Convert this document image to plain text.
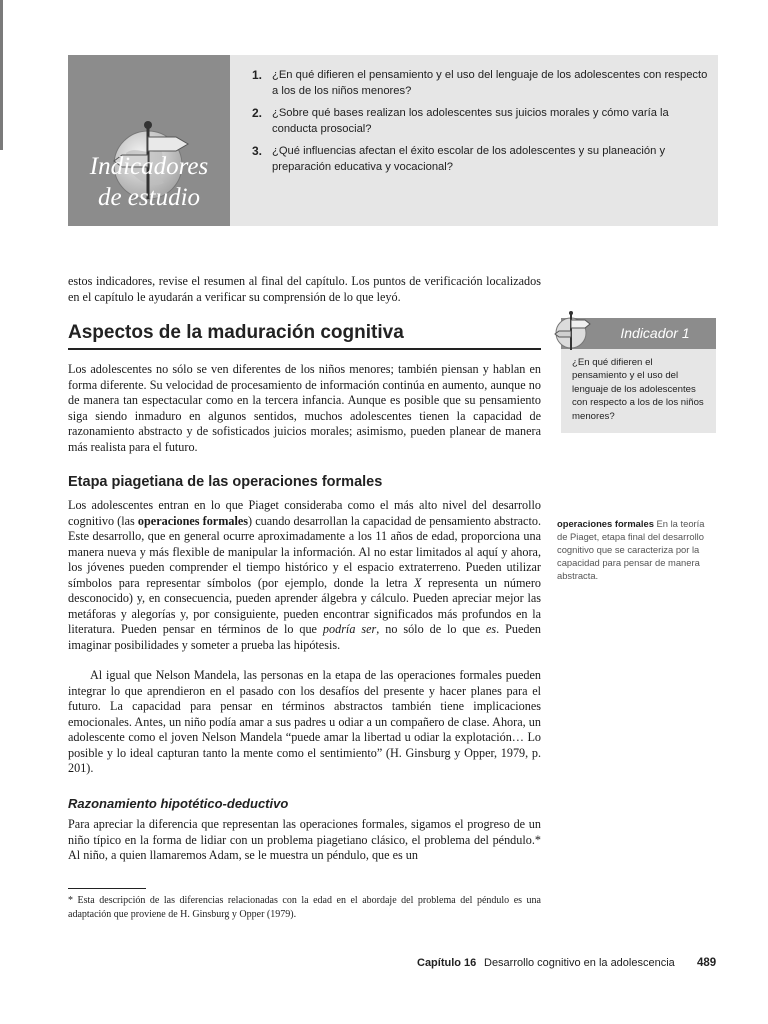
Indicadores
de estudio
1. ¿En qué difieren el pensamiento y el uso del lenguaje de los adolescentes con respecto a los de los niños menores?
2. ¿Sobre qué bases realizan los adolescentes sus juicios morales y cómo varía la conducta prosocial?
3. ¿Qué influencias afectan el éxito escolar de los adolescentes y su planeación y preparación educativa y vocacional?
estos indicadores, revise el resumen al final del capítulo. Los puntos de verificación localizados en el capítulo le ayudarán a verificar su comprensión de lo que leyó.
Aspectos de la maduración cognitiva
Los adolescentes no sólo se ven diferentes de los niños menores; también piensan y hablan en forma diferente. Su velocidad de procesamiento de información continúa en aumento, aunque no de manera tan espectacular como en la tercera infancia. Aunque es posible que su pensamiento siga siendo inmaduro en algunos sentidos, muchos adolescentes tienen la capacidad de razonamiento abstracto y de sofisticados juicios morales; asimismo, pueden planear de manera más realista para el futuro.
Etapa piagetiana de las operaciones formales
Los adolescentes entran en lo que Piaget consideraba como el más alto nivel del desarrollo cognitivo (las operaciones formales) cuando desarrollan la capacidad de pensamiento abstracto. Este desarrollo, que en general ocurre aproximadamente a los 11 años de edad, proporciona una manera nueva y más flexible de manipular la información. Al no estar limitados al aquí y ahora, los jóvenes pueden comprender el tiempo histórico y el espacio extraterreno. Pueden utilizar símbolos para representar símbolos (por ejemplo, donde la letra X representa un número desconocido) y, en consecuencia, pueden aprender álgebra y cálculo. Pueden apreciar mejor las metáforas y alegorías y, por consiguiente, pueden encontrar significados más profundos en la literatura. Pueden pensar en términos de lo que podría ser, no sólo de lo que es. Pueden imaginar posibilidades y someter a prueba las hipótesis.
Al igual que Nelson Mandela, las personas en la etapa de las operaciones formales pueden integrar lo que aprendieron en el pasado con los desafíos del presente y hacer planes para el futuro. La capacidad para pensar en términos abstractos también tiene implicaciones emocionales. Antes, un niño podía amar a sus padres u odiar a un compañero de clase. Ahora, un adolescente como el joven Nelson Mandela “puede amar la libertad u odiar la explotación… Lo posible y lo ideal capturan tanto la mente como el sentimiento” (H. Ginsburg y Opper, 1979, p. 201).
Razonamiento hipotético-deductivo
Para apreciar la diferencia que representan las operaciones formales, sigamos el progreso de un niño típico en la forma de lidiar con un problema piagetiano clásico, el problema del péndulo.* Al niño, a quien llamaremos Adam, se le muestra un péndulo, que es un
Indicador 1
¿En qué difieren el pensamiento y el uso del lenguaje de los adolescentes con respecto a los de los niños menores?
operaciones formales En la teoría de Piaget, etapa final del desarrollo cognitivo que se caracteriza por la capacidad para pensar de manera abstracta.
* Esta descripción de las diferencias relacionadas con la edad en el abordaje del problema del péndulo es una adaptación que proviene de H. Ginsburg y Opper (1979).
Capítulo 16 Desarrollo cognitivo en la adolescencia 489
